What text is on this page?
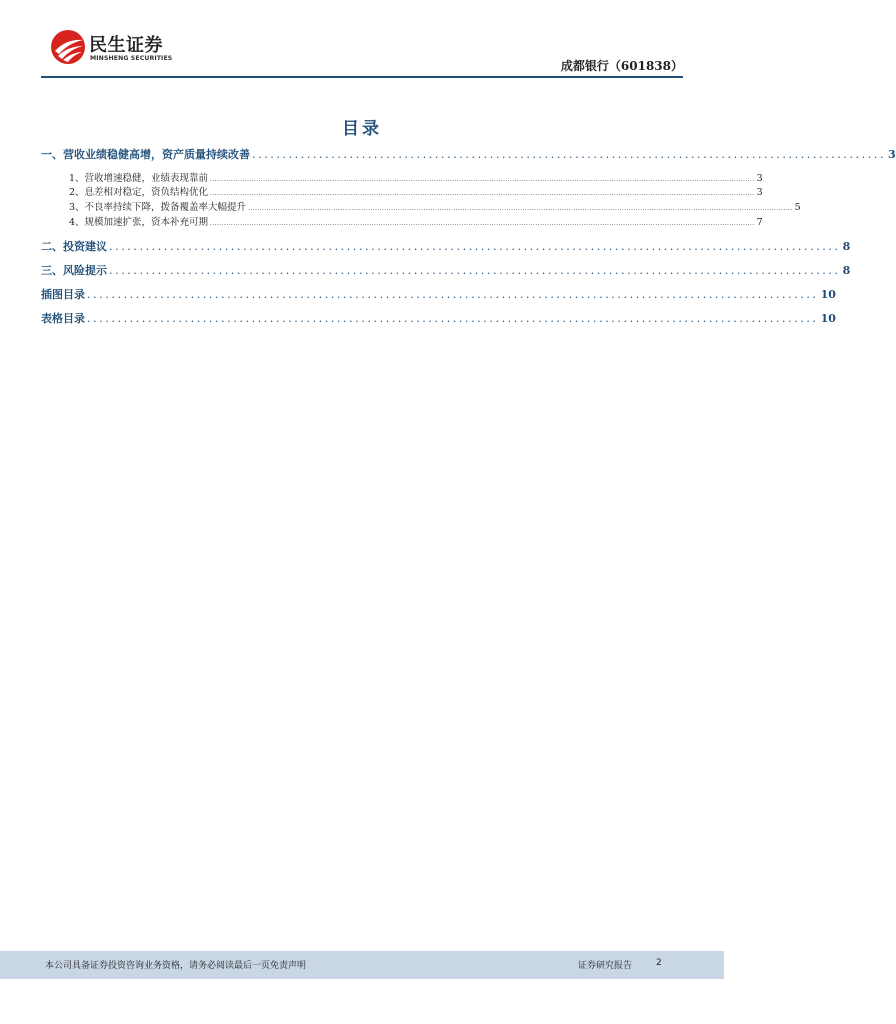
民生证券
MINSHENG SECURITIES
成都银行（601838）
目录
一、营收业绩稳健高增，资产质量持续改善 ........................................................................................................ 3
1、营收增速稳健，业绩表现靠前 ............................................................................................................................................................................................................................................ 3
2、息差相对稳定，资负结构优化 ............................................................................................................................................................................................................................................ 3
3、不良率持续下降，拨备覆盖率大幅提升 ............................................................................................................................................................................................................................................ 5
4、规模加速扩张，资本补充可期 ............................................................................................................................................................................................................................................ 7
二、投资建议 ........................................................................................................................ 8
三、风险提示 ........................................................................................................................ 8
插图目录 ........................................................................................................................ 10
表格目录 ........................................................................................................................ 10
本公司具备证券投资咨询业务资格，请务必阅读最后一页免责声明	证券研究报告	2
